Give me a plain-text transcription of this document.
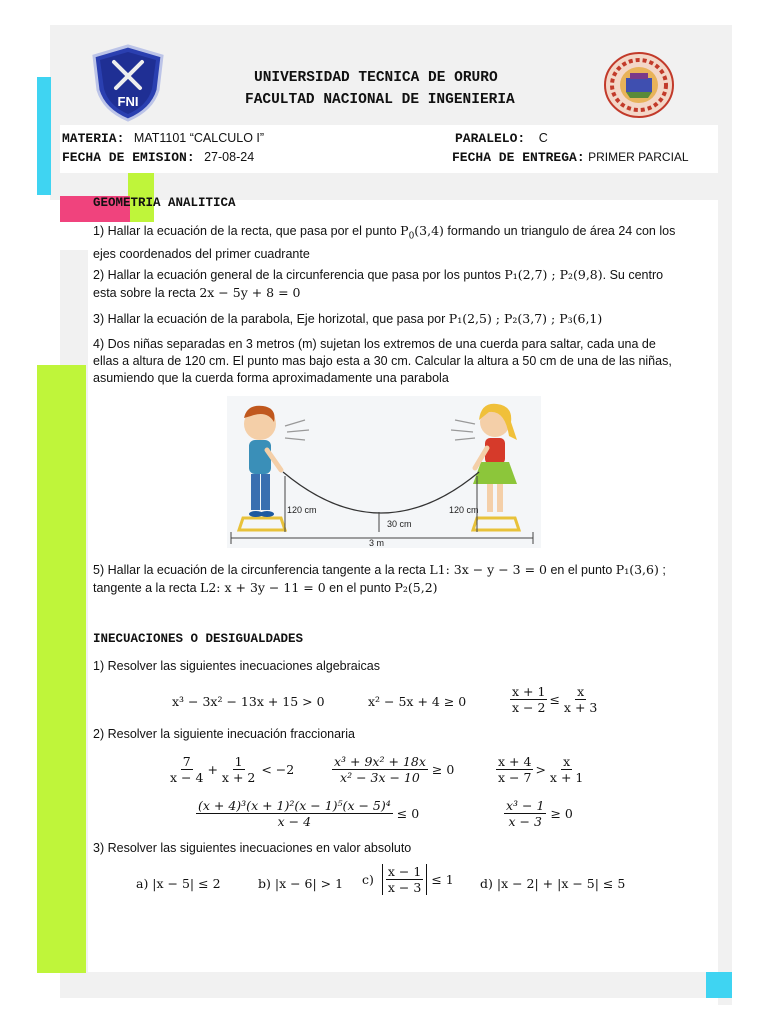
FNI
UNIVERSIDAD TECNICA DE ORURO
FACULTAD NACIONAL DE INGENIERIA
MATERIA: MAT1101 “CALCULO I”	PARALELO: C
FECHA DE EMISION: 27-08-24	FECHA DE ENTREGA: PRIMER PARCIAL
GEOMETRIA ANALITICA
1) Hallar la ecuación de la recta, que pasa por el punto $P_0(3,4)$ formando un triangulo de área 24 con los ejes coordenados del primer cuadrante
2) Hallar la ecuación general de la circunferencia que pasa por los puntos P₁(2,7) ; P₂(9,8). Su centro esta sobre la recta 2x − 5y + 8 = 0
3) Hallar la ecuación de la parabola, Eje horizotal, que pasa por P₁(2,5) ; P₂(3,7) ; P₃(6,1)
4) Dos niñas separadas en 3 metros (m) sujetan los extremos de una cuerda para saltar, cada una de ellas a altura de 120 cm. El punto mas bajo esta a 30 cm. Calcular la altura a 50 cm de una de las niñas, asumiendo que la cuerda forma aproximadamente una parabola
120 cm
30 cm
120 cm
3 m
5) Hallar la ecuación de la circunferencia tangente a la recta L1: 3x − y − 3 = 0 en el punto P₁(3,6) ; tangente a la recta L2: x + 3y − 11 = 0 en el punto P₂(5,2)
INECUACIONES O DESIGUALDADES
1) Resolver las siguientes inecuaciones algebraicas
x³ − 3x² − 13x + 15 > 0	x² − 5x + 4 ≥ 0	$\frac{x + 1}{x - 2} \le \frac{x}{x + 3}$
2) Resolver la siguiente inecuación fraccionaria
$\frac{7}{x - 4} + \frac{1}{x + 2} < -2$	$\frac{\text{x³ + 9x² + 18x}}{\text{x² − 3x − 10}} \ge 0$	$\frac{x + 4}{x - 7} > \frac{x}{x + 1}$
$\frac{\text{(x + 4)³(x + 1)²(x − 1)⁵(x − 5)⁴}}{x - 4} \le 0$	$\frac{\text{x³ − 1}}{x - 3} \ge 0$
3) Resolver las siguientes inecuaciones en valor absoluto
a) |x − 5| ≤ 2	b) |x − 6| > 1 $c) \frac{x - 1}{x - 3} \le 1$ d) |x − 2| + |x − 5| ≤ 5
